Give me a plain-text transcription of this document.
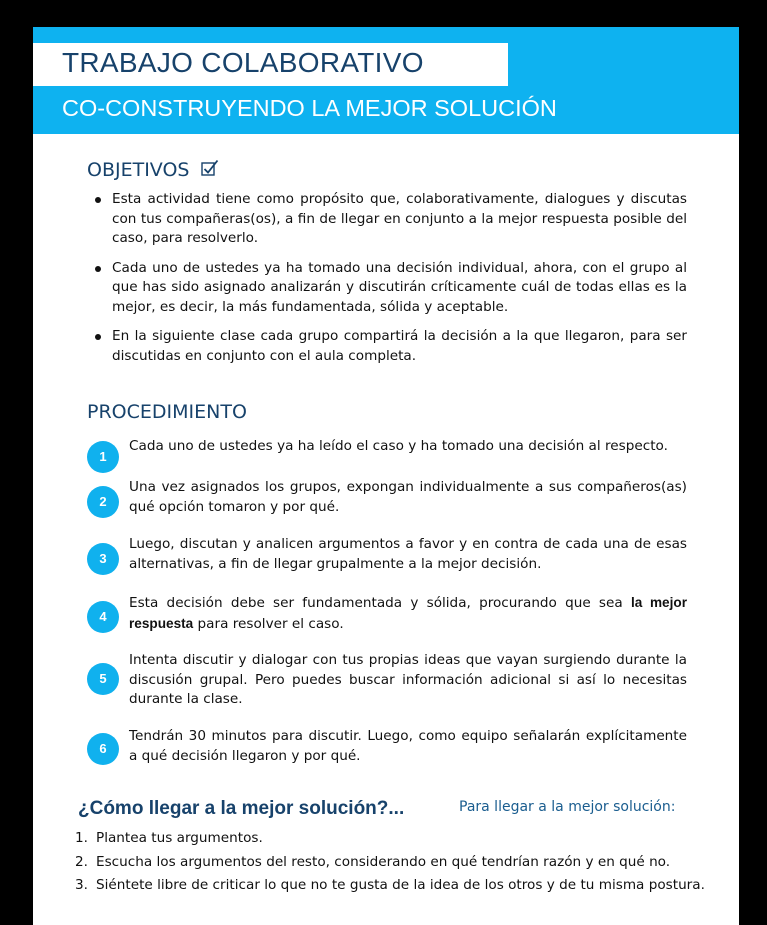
TRABAJO COLABORATIVO
CO-CONSTRUYENDO LA MEJOR SOLUCIÓN
OBJETIVOS
Esta actividad tiene como propósito que, colaborativamente, dialogues y discutas con tus compañeras(os), a fin de llegar en conjunto a la mejor respuesta posible del caso, para resolverlo.
Cada uno de ustedes ya ha tomado una decisión individual, ahora, con el grupo al que has sido asignado analizarán y discutirán críticamente cuál de todas ellas es la mejor, es decir, la más fundamentada, sólida y aceptable.
En la siguiente clase cada grupo compartirá la decisión a la que llegaron, para ser discutidas en conjunto con el aula completa.
PROCEDIMIENTO
1
Cada uno de ustedes ya ha leído el caso y ha tomado una decisión al respecto.
2
Una vez asignados los grupos, expongan individualmente a sus compañeros(as) qué opción tomaron y por qué.
3
Luego, discutan y analicen argumentos a favor y en contra de cada una de esas alternativas, a fin de llegar grupalmente a la mejor decisión.
4
Esta decisión debe ser fundamentada y sólida, procurando que sea la mejor respuesta para resolver el caso.
5
Intenta discutir y dialogar con tus propias ideas que vayan surgiendo durante la discusión grupal. Pero puedes buscar información adicional si así lo necesitas durante la clase.
6
Tendrán 30 minutos para discutir. Luego, como equipo señalarán explícitamente a qué decisión llegaron y por qué.
¿Cómo llegar a la mejor solución?...	Para llegar a la mejor solución:
1. Plantea tus argumentos.
2. Escucha los argumentos del resto, considerando en qué tendrían razón y en qué no.
3. Siéntete libre de criticar lo que no te gusta de la idea de los otros y de tu misma postura.
